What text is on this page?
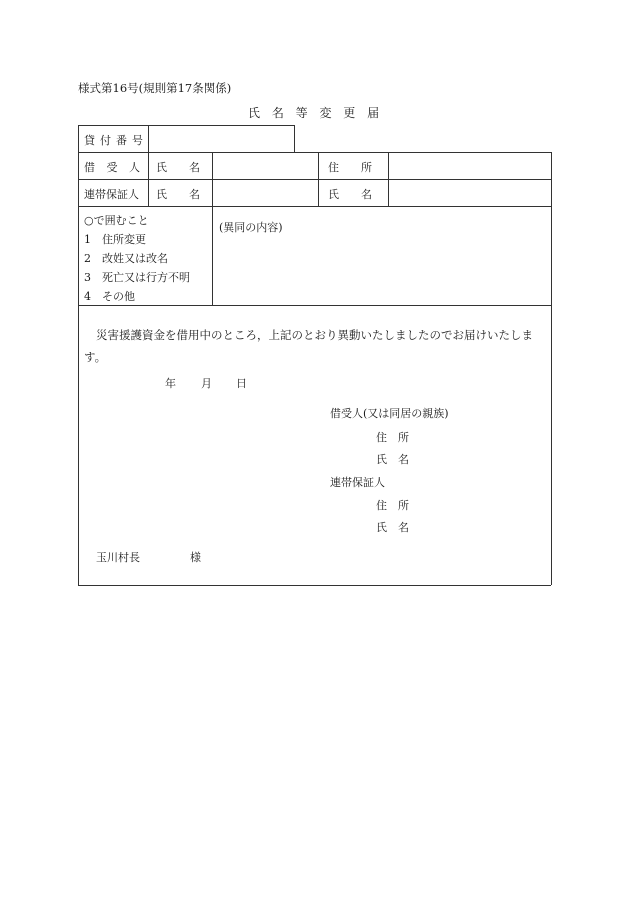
様式第16号(規則第17条関係)
氏 名 等 変 更 届
貸付番号
借 受 人 氏　　名	住　　所
連帯保証人 氏　　名	氏　　名
○で囲むこと
1　住所変更
2　改姓又は改名
3　死亡又は行方不明
4　その他
(異同の内容)
災害援護資金を借用中のところ，上記のとおり異動いたしましたのでお届けいたしま
す。
年 月 日
借受人(又は同居の親族)
住　所
氏　名
連帯保証人
住　所
氏　名
玉川村長	様
